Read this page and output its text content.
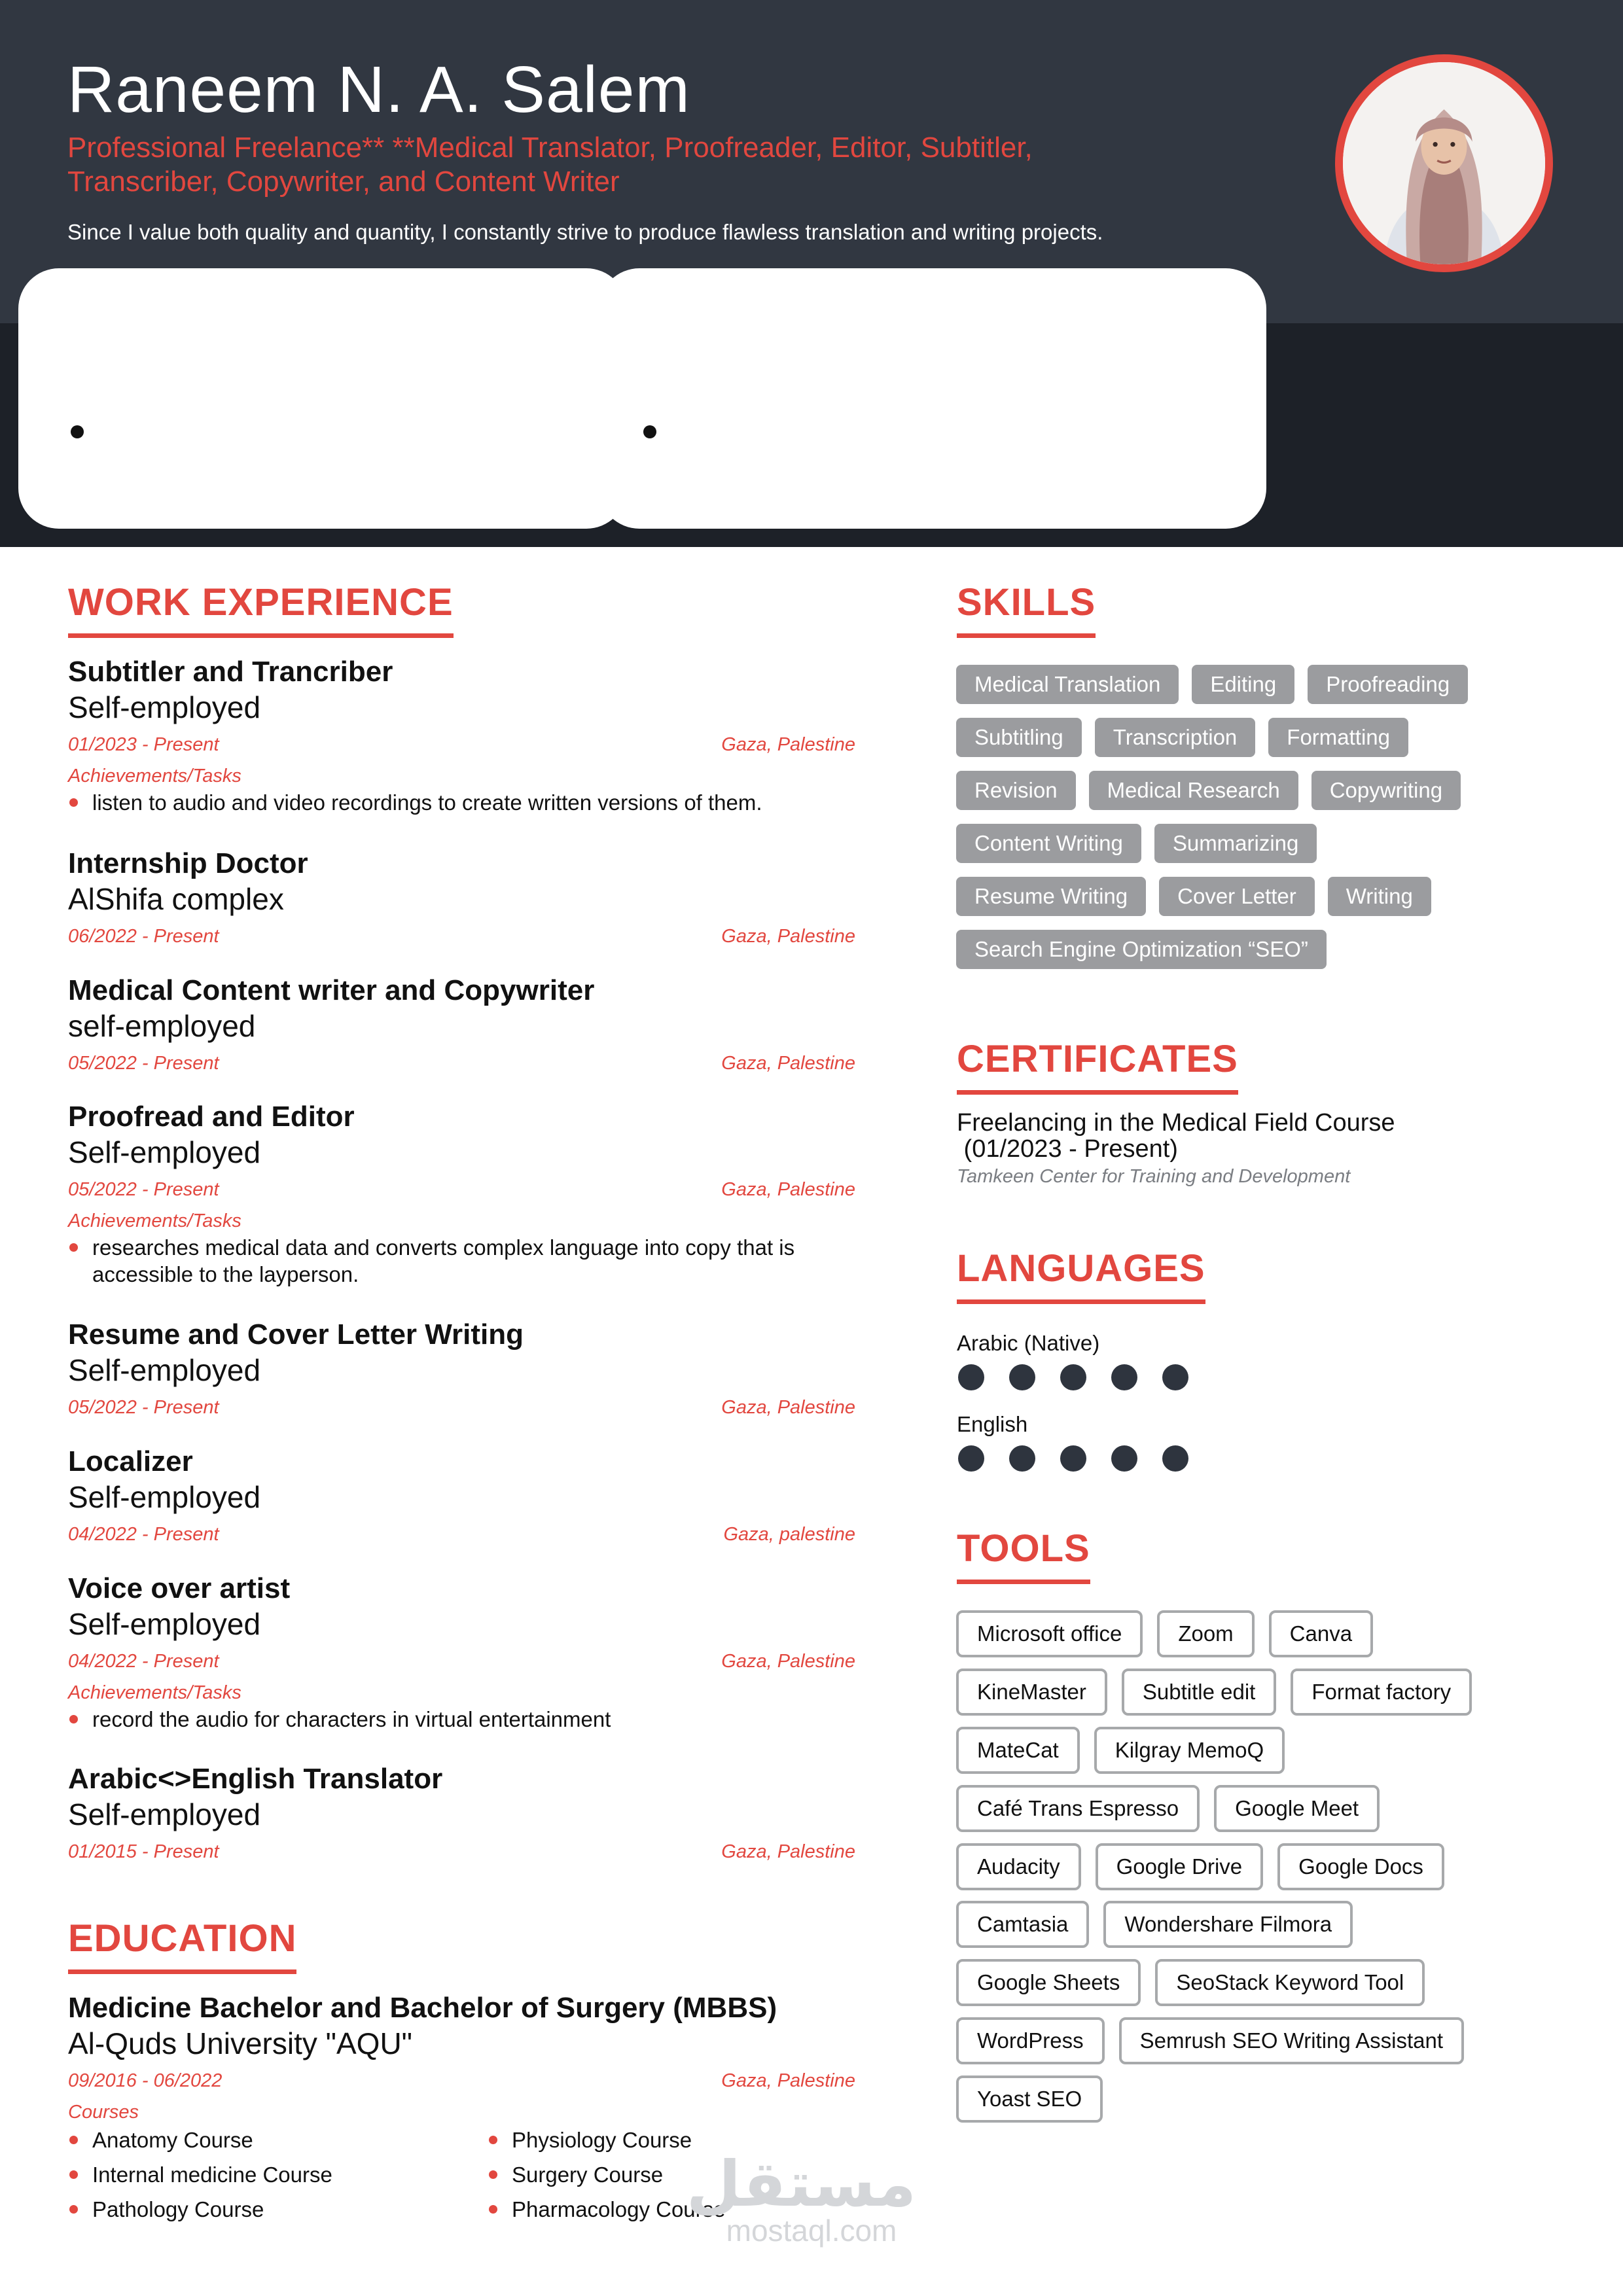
Raneem N. A. Salem
Professional Freelance** **Medical Translator, Proofreader, Editor, Subtitler, Transcriber, Copywriter, and Content Writer
Since I value both quality and quantity, I constantly strive to produce flawless translation and writing projects.
WORK EXPERIENCE
Subtitler and Trancriber
Self-employed
01/2023 - Present	Gaza, Palestine
Achievements/Tasks
listen to audio and video recordings to create written versions of them.
Internship Doctor
AlShifa complex
06/2022 - Present	Gaza, Palestine
Medical Content writer and Copywriter
self-employed
05/2022 - Present	Gaza, Palestine
Proofread and Editor
Self-employed
05/2022 - Present	Gaza, Palestine
Achievements/Tasks
researches medical data and converts complex language into copy that is accessible to the layperson.
Resume and Cover Letter Writing
Self-employed
05/2022 - Present	Gaza, Palestine
Localizer
Self-employed
04/2022 - Present	Gaza, palestine
Voice over artist
Self-employed
04/2022 - Present	Gaza, Palestine
Achievements/Tasks
record the audio for characters in virtual entertainment
Arabic<>English Translator
Self-employed
01/2015 - Present	Gaza, Palestine
EDUCATION
Medicine Bachelor and Bachelor of Surgery (MBBS)
Al-Quds University "AQU"
09/2016 - 06/2022	Gaza, Palestine
Courses
Anatomy Course
Internal medicine Course
Pathology Course
Physiology Course
Surgery Course
Pharmacology Course
SKILLS
Medical Translation	Editing	Proofreading
Subtitling	Transcription	Formatting
Revision	Medical Research	Copywriting
Content Writing	Summarizing
Resume Writing	Cover Letter	Writing
Search Engine Optimization “SEO”
CERTIFICATES
Freelancing in the Medical Field Course
(01/2023 - Present)
Tamkeen Center for Training and Development
LANGUAGES
Arabic (Native)
English
TOOLS
Microsoft office	Zoom	Canva
KineMaster	Subtitle edit	Format factory
MateCat	Kilgray MemoQ
Café Trans Espresso	Google Meet
Audacity	Google Drive	Google Docs
Camtasia	Wondershare Filmora
Google Sheets	SeoStack Keyword Tool
WordPress	Semrush SEO Writing Assistant
Yoast SEO
مستقل
mostaql.com
